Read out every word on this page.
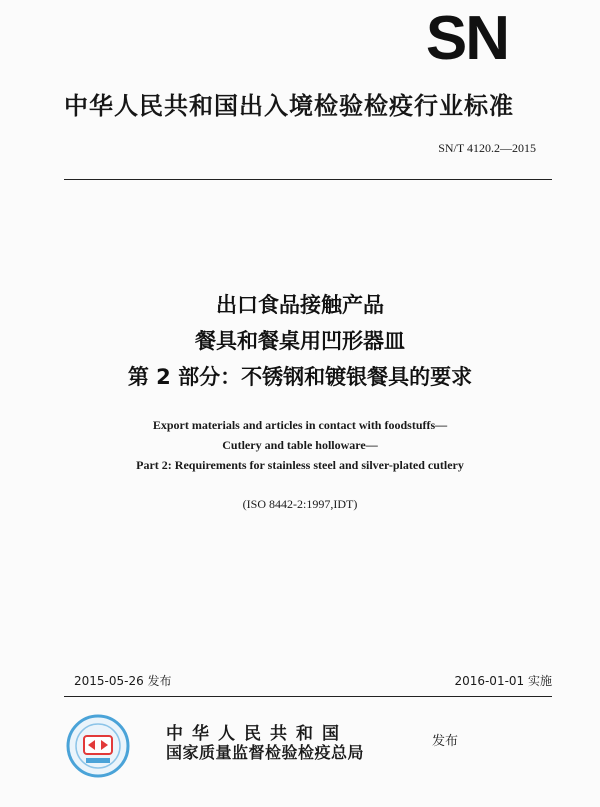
SN
中华人民共和国出入境检验检疫行业标准
SN/T 4120.2—2015
出口食品接触产品
餐具和餐桌用凹形器皿
第 2 部分：不锈钢和镀银餐具的要求
Export materials and articles in contact with foodstuffs—
Cutlery and table holloware—
Part 2: Requirements for stainless steel and silver-plated cutlery
(ISO 8442-2:1997,IDT)
2015-05-26 发布	2016-01-01 实施
中华人民共和国
国家质量监督检验检疫总局
发布
